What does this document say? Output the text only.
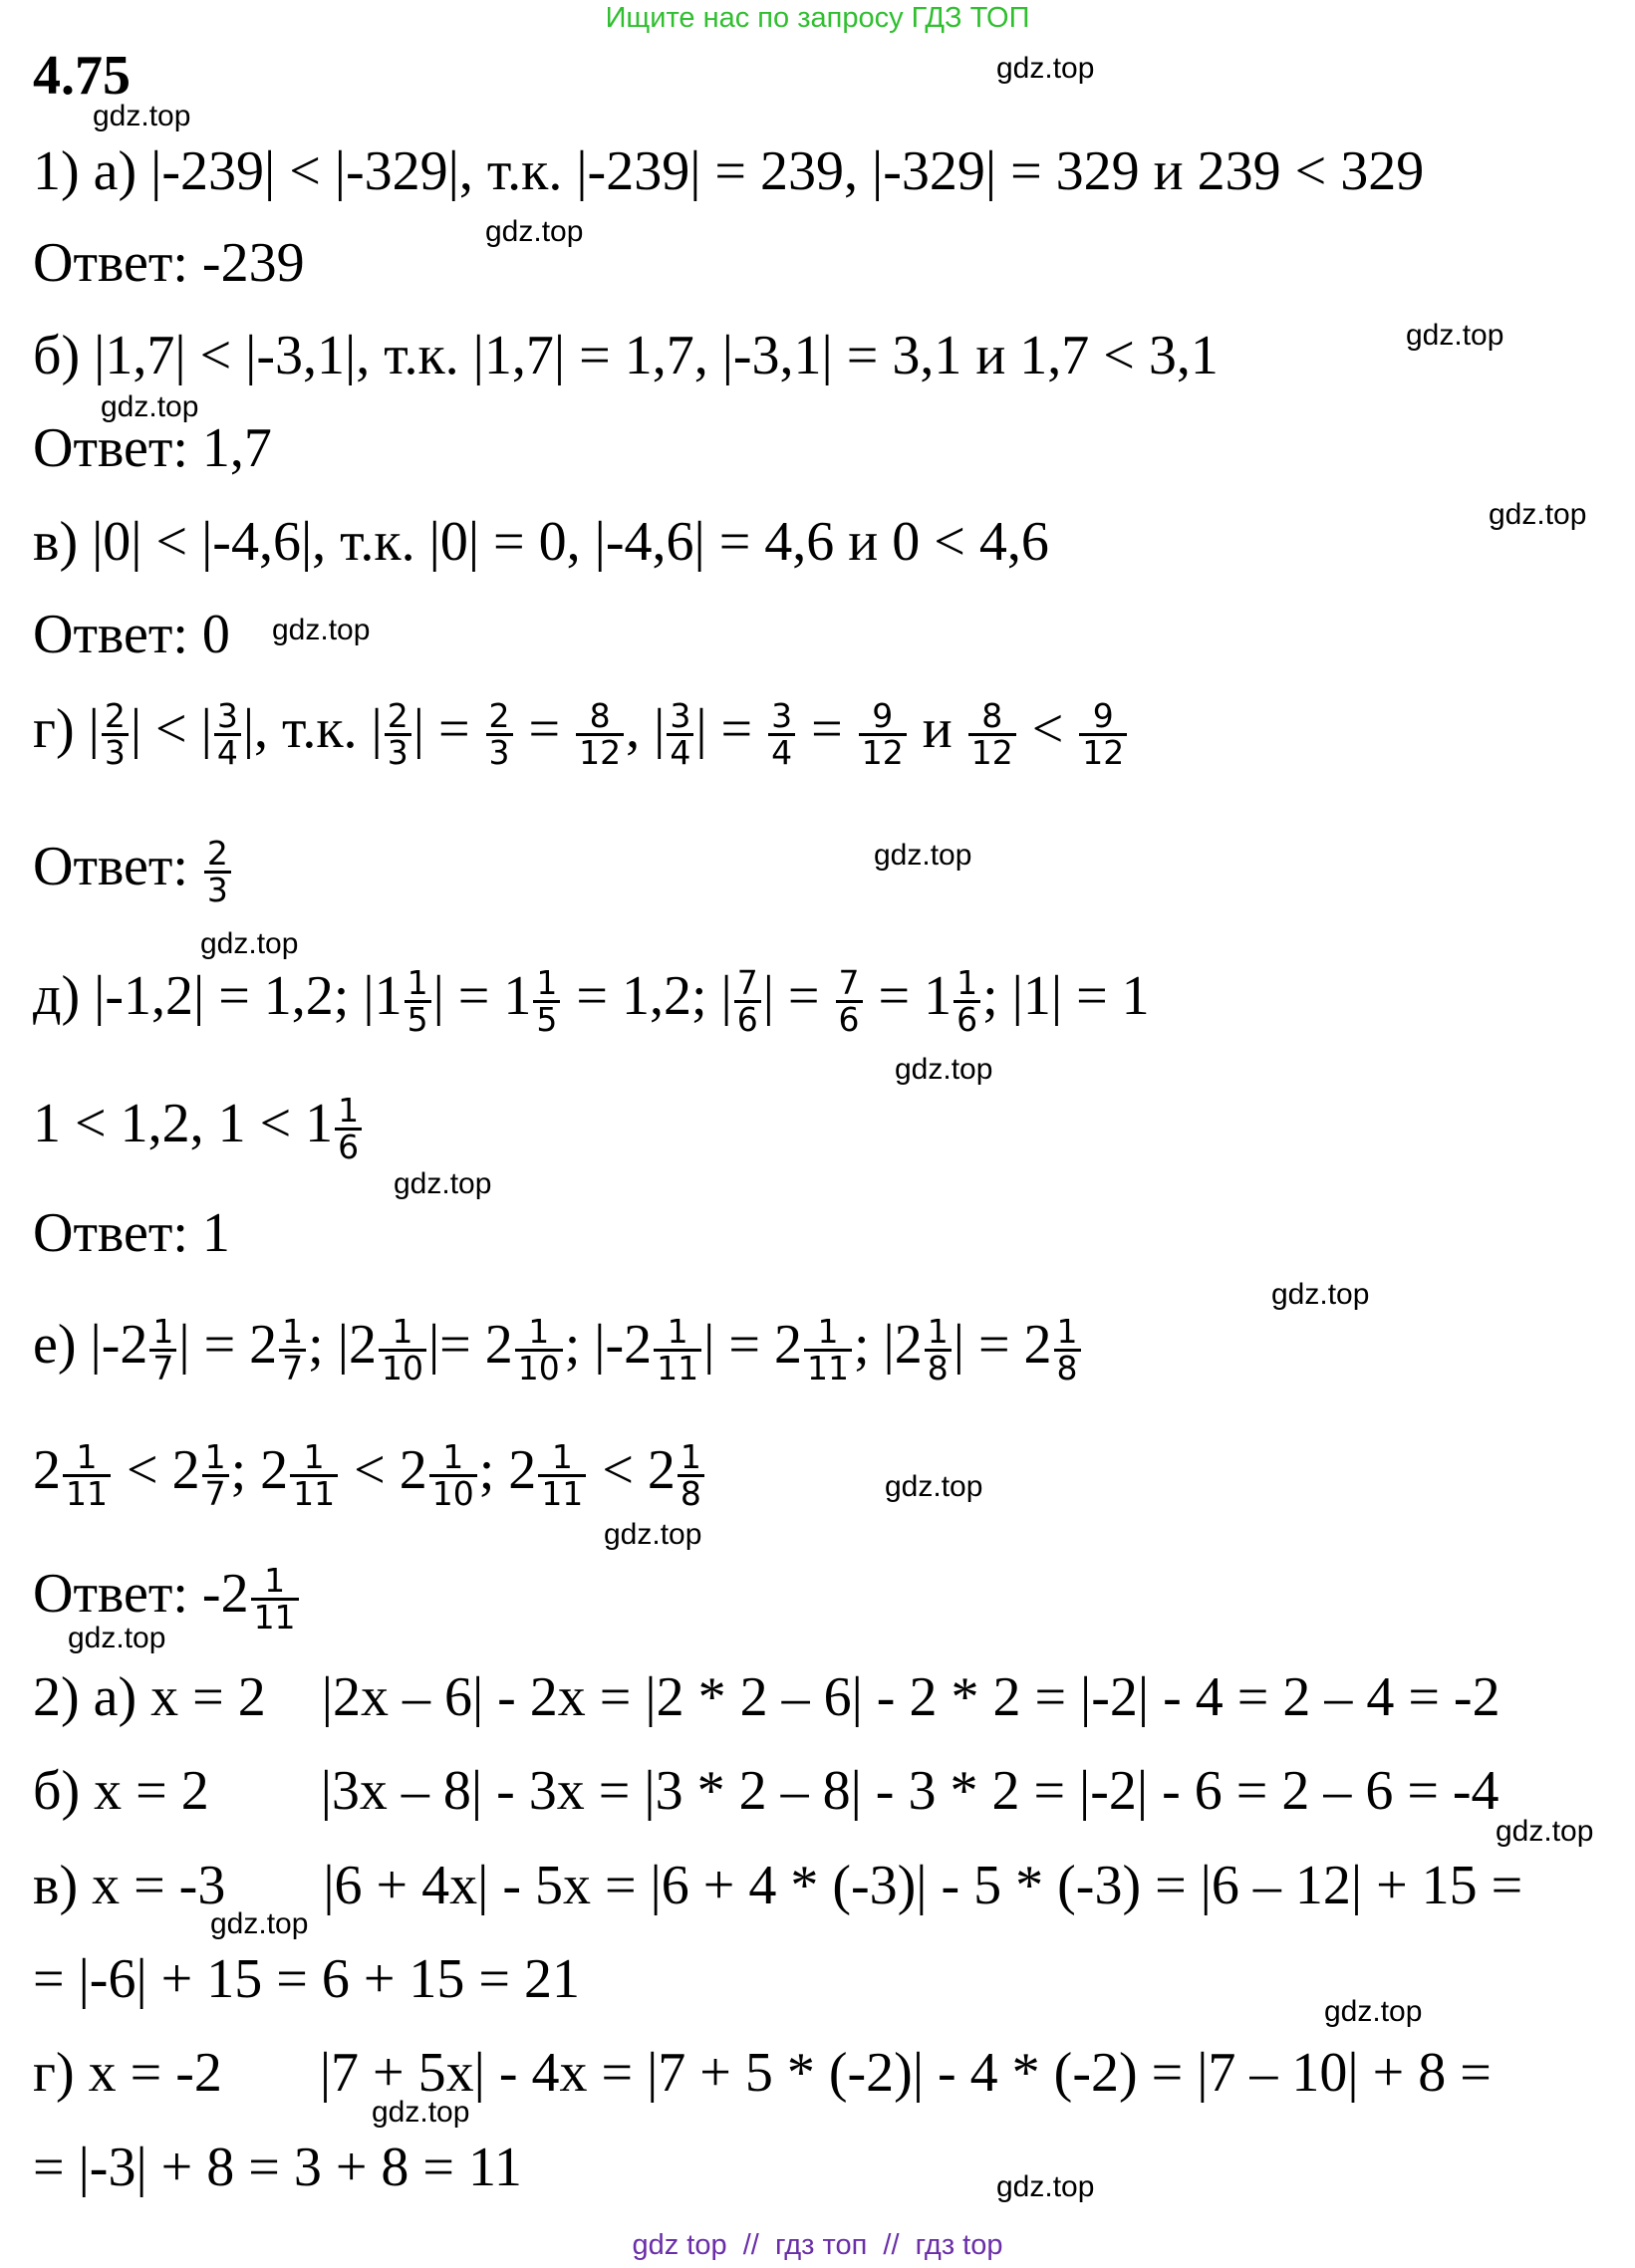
Ищите нас по запросу ГДЗ ТОП
4.75	gdz.top
gdz.top
gdz.top
gdz.top
gdz.top
gdz.top
gdz.top
gdz.top
gdz.top
gdz.top
gdz.top
gdz.top
gdz.top
gdz.top
gdz.top
gdz.top
gdz.top
gdz.top
gdz.top
gdz.top
1) а) |-239| < |-329|, т.к. |-239| = 239, |-329| = 329 и 239 < 329
Ответ: -239
б) |1,7| < |-3,1|, т.к. |1,7| = 1,7, |-3,1| = 3,1 и 1,7 < 3,1
Ответ: 1,7
в) |0| < |-4,6|, т.к. |0| = 0, |-4,6| = 4,6 и 0 < 4,6
Ответ: 0
г) | $\frac{2}{3}$ | < | $\frac{3}{4}$ |, т.к. | $\frac{2}{3}$ | = $\frac{2}{3} = \frac{8}{12}$ , | $\frac{3}{4}$ | = $\frac{3}{4} = \frac{9}{12}$ и $\frac{8}{12} < \frac{9}{12}$
Ответ: $\frac{2}{3}$
д) |-1,2| = 1,2; $|1 \frac{1}{5}$ | = $1 \frac{1}{5} = 1,2$; | $\frac{7}{6}$ | = $\frac{7}{6} = 1 \frac{1}{6}$ ; |1| = 1
1 < 1,2, $1 < 1 \frac{1}{6}$
Ответ: 1
е) $|-2 \frac{1}{7}$ | = $2 \frac{1}{7}$ ; $|2 \frac{1}{10}$ |= $2 \frac{1}{10}$ ; $|-2 \frac{1}{11}$ | = $2 \frac{1}{11}$ ; $|2 \frac{1}{8}$ | = $2 \frac{1}{8}$
$2 \frac{1}{11} < 2 \frac{1}{7}$ ; $2 \frac{1}{11} < 2 \frac{1}{10}$ ; $2 \frac{1}{11} < 2 \frac{1}{8}$
Ответ: $-2 \frac{1}{11}$
2) а) x = 2    |2x – 6| - 2x = |2 * 2 – 6| - 2 * 2 = |-2| - 4 = 2 – 4 = -2
б) x = 2        |3x – 8| - 3x = |3 * 2 – 8| - 3 * 2 = |-2| - 6 = 2 – 6 = -4
в) x = -3       |6 + 4x| - 5x = |6 + 4 * (-3)| - 5 * (-3) = |6 – 12| + 15 =
= |-6| + 15 = 6 + 15 = 21
г) x = -2       |7 + 5x| - 4x = |7 + 5 * (-2)| - 4 * (-2) = |7 – 10| + 8 =
= |-3| + 8 = 3 + 8 = 11
gdz top  //  гдз топ  //  гдз top
